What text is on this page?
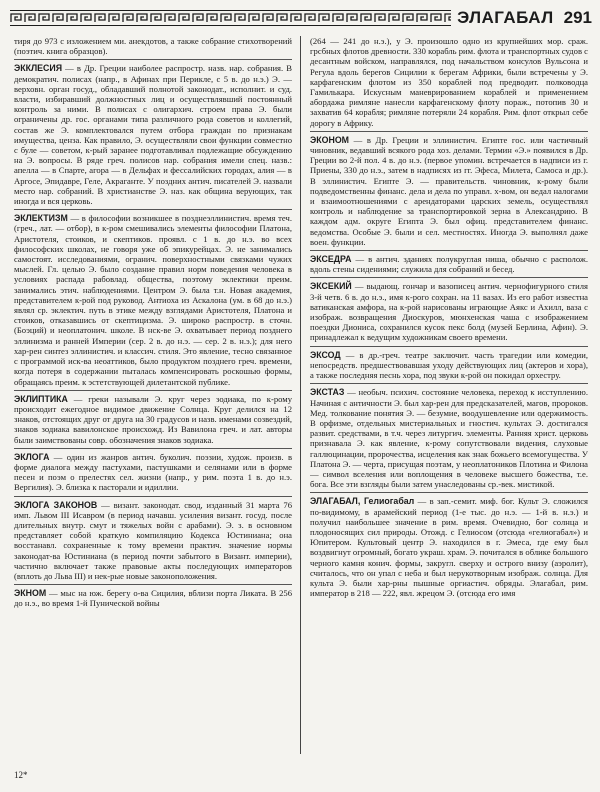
ЭЛАГАБАЛ 291

тиря до 973 с изложением ми. анекдотов, а также собрание стихотворений (поэтич. книга образцов).

ЭККЛЕСИЯ — в Др. Греции наиболее распростр. назв. нар. собрания. В демократич. полисах (напр., в Афинах при Перикле, с 5 в. до н.э.) Э. — верховн. орган госуд., обладавший полнотой законодат., исполнит. и суд. власти, избиравший должностных лиц и осуществлявший постоянный контроль за ними. В полисах с олигархич. строем права Э. были ограничены др. гос. органами типа различного рода советов и коллегий, состав же Э. комплектовался путем отбора граждан по признакам имущества, ценза. Как правило, Э. осуществляли свои функции совместно с буле — советом, к-рый заранее подготавливал подлежащие обсуждению на Э. вопросы. В ряде греч. полисов нар. собрания имели спец. назв.: апелла — в Спарте, агора — в Дельфах и фессалийских городах, алия — в Аргосе, Эпидавре, Геле, Акраганте. У поздних антич. писателей Э. назвали место нар. собраний. В христианстве Э. наз. как община верующих, так иногда и вся церковь.

ЭКЛЕКТИЗМ — в философии возникшее в позднеэллинистич. время теч. (греч., лат. — отбор), в к-ром смешивались элементы философии Платона, Аристотеля, стоиков, и скептиков. проявл. с 1 в. до н.э. во всех философских школах, не говоря уже об эпикурейцах. Э. не занимались самостоят. исследованиями, огранич. поверхностными связками чужих мыслей. Гл. целью Э. было создание правил норм поведения человека в условиях распада рабовлад. общества, поэтому эклектики преим. занимались этич. наблюдениями. Центром Э. была т.н. Новая академия, представителем к-рой под руковод. Антиоха из Аскалона (ум. в 68 до н.э.) являл ср. эклектич. путь в этике между взглядами Аристотеля, Платона и стоиков, отказавшись от скептицизма. Э. широко распростр. в сточн. (Боэций) и неоплатонич. школе. В нск-ве Э. охватывает период позднего эллинизма и ранней Империи (сер. 2 в. до н.э. — сер. 2 в. н.э.); для него хар-рен синтез эллинистич. и классич. стиля. Это явление, тесно связанное с программой иск-ва неоаттиков, было продуктом позднего греч. времени, когда потеря в содержании пыталась компенсировать роскошью формы, обращаясь преим. к эстетствующей дилетантской публике.

ЭКЛИПТИКА — греки называли Э. круг через зодиака, по к-рому происходит ежегодное видимое движение Солнца. Круг делился на 12 знаков, отстоящих друг от друга на 30 градусов и назв. именами созвездий, знаков зодиака вавилонское происхожд. Из Вавилона греч. и лат. авторы были заимствованы совр. обозначения знаков зодиака.

ЭКЛОГА — один из жанров антич. буколич. поэзии, худож. произв. в форме диалога между пастухами, пастушками и селянами или в форме песен и поэм о прелестях сел. жизни (напр., у рим. поэта 1 в. до н.э. Вергилия). Э. близка к пасторали и идиллии.

ЭКЛОГА ЗАКОНОВ — визант. законодат. свод, изданный 31 марта 76 имп. Львом III Исавром (в период начавш. усиления визант. госуд. после длительных внутр. смут и тяжелых войн с арабами). Э. з. в основном представляет собой краткую компиляцию Кодекса Юстиниана; она восстанавл. сохраненные к тому времени практич. значение нормы законодат-ва Юстиниана (в период почти забытого в Визант. империи), частично включает также правовые акты последующих императоров (вплоть до Льва III) и нек-рые новые законоположения.

ЭКНОМ — мыс на юж. берегу о-ва Сицилия, вблизи порта Ликата. В 256 до н.э., во время 1-й Пунической войны

(264 — 241 до н.э.), у Э. произошло одно из крупнейших мор. сраж. грсбных флотов древности. 330 корабль рим. флота и транспортных судов с десантным войском, направлялся, под начальством консулов Вульсона и Регула вдоль берегов Сицилии к берегам Африки, были встречены у Э. карфагенским флотом из 350 кораблей под предводит. полководца Гамилькара. Искусным маневрированием кораблей и применением абордажа римляне нанесли карфагенскому флоту пораж., потопив 30 и захватив 64 корабля; римляне потеряли 24 корабля. Рим. флот открыл себе дорогу в Африку.

ЭКОНОМ — в Др. Греции и эллинистич. Египте гос. или частичный чиновник, ведавший всякого рода хоз. делами. Термин «Э.» появился в Др. Греции во 2-й пол. 4 в. до н.э. (первое упомин. встречается в надписи из г. Приены, 330 до н.э., затем в надписях из гг. Эфеса, Милета, Самоса и др.). В эллинистич. Египте Э. — правительств. чиновник, к-рому были подведомственны финанс. дела и дела по управл. х-вом, он ведал налогами и взаимоотношениями с арендаторами царских земель, осуществлял контроль и наблюдение за транспортировкой зерна в Александрию. В каждом адм. округе Египта Э. был офиц. представителем финанс. ведомства. Особые Э. были и сел. местностях. Иногда Э. выполнял даже воен. функции.

ЭКСЕДРА — в антич. зданиях полукруглая ниша, обычно с располож. вдоль стены сидениями; служила для собраний и бесед.

ЭКСЕКИЙ — выдающ. гончар и вазописец антич. чернофигурного стиля 3-й четв. 6 в. до н.э., имя к-рого сохран. на 11 вазах. Из его работ известна ватиканская амфора, на к-рой нарисованы играющие Аякс и Ахилл, ваза с изображ. возвращения Диоскуров, мюнхенская чаша с изображением поездки Диониса, сохранился кусок пекс болд (музей Берлина, Афин). Э. принадлежал к ведущим художникам своего времени.

ЭКСОД — в др.-греч. театре заключит. часть трагедии или комедии, непосредств. предшествовавшая уходу действующих лиц (актеров и хора), а также последняя песнь хора, под звуки к-рой он покидал орхестру.

ЭКСТАЗ — необыч. психич. состояние человека, переход к исступлению. Начиная с античности Э. был хар-рен для предсказателей, магов, пророков. Мед. толкование понятия Э. — безумие, воодушевление или одержимость. В орфизме, отдельных мистериальных и гностич. культах Э. достигался развит. средствами, в т.ч. через литургич. элементы. Ранняя христ. церковь признавала Э. как явление, к-рому сопутствовали видения, слуховые галлюцинации, пророчества, исцеления как знак божьего всемогущества. У Платона Э. — черта, присущая поэтам, у неоплатоников Плотина и Филона — символ вселения или воплощения в человеке высшего божества, т.е. бога. Все эти взгляды были затем унаследованы ср.-век. мистикой.

ЭЛАГАБАЛ, Гелиогабал — в зап.-семит. миф. бог. Культ Э. сложился по-видимому, в арамейский период (1-е тыс. до н.э. — 1-й в. н.э.) и получил наибольшее значение в рим. время. Очевидно, бог солнца и плодоносящих сил природы. Отожд. с Гелиосом (отсюда «гелиогабал») и Юпитером. Культовый центр Э. находился в г. Эмеса, где ему был воздвигнут огромный, богато украш. храм. Э. почитался в облике большого черного камня конич. формы, закругл. сверху и острого внизу (аэролит), считалось, что он упал с неба и был нерукотворным изображ. солнца. Для культа Э. были хар-рны пышные оргиастич. обряды. Элагабал, рим. император в 218 — 222, явл. жрецом Э. (отсюда его имя

12*
